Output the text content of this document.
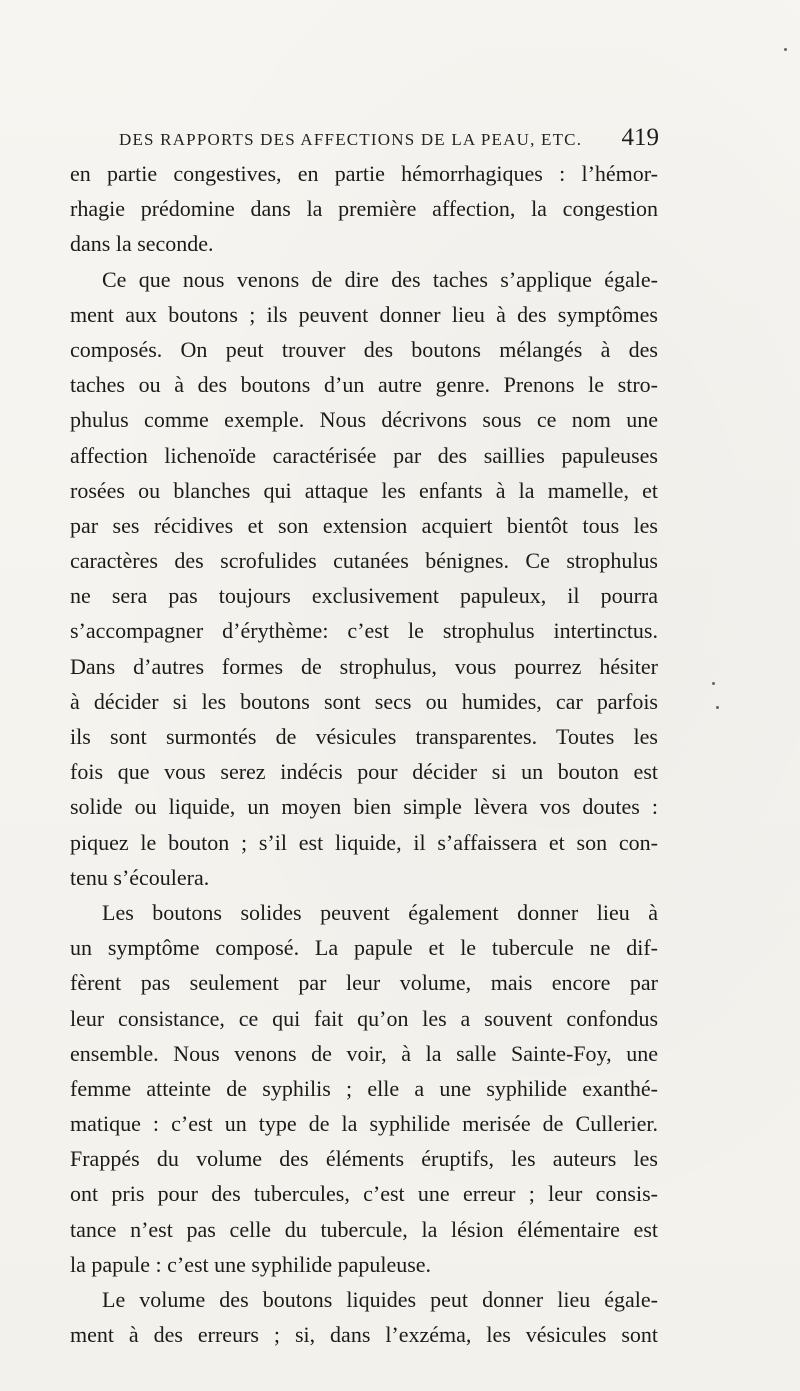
DES RAPPORTS DES AFFECTIONS DE LA PEAU, ETC. 419
en partie congestives, en partie hémorrhagiques : l’hémor-
rhagie prédomine dans la première affection, la congestion
dans la seconde.
Ce que nous venons de dire des taches s’applique égale-
ment aux boutons ; ils peuvent donner lieu à des symptômes
composés. On peut trouver des boutons mélangés à des
taches ou à des boutons d’un autre genre. Prenons le stro-
phulus comme exemple. Nous décrivons sous ce nom une
affection lichenoïde caractérisée par des saillies papuleuses
rosées ou blanches qui attaque les enfants à la mamelle, et
par ses récidives et son extension acquiert bientôt tous les
caractères des scrofulides cutanées bénignes. Ce strophulus
ne sera pas toujours exclusivement papuleux, il pourra
s’accompagner d’érythème: c’est le strophulus intertinctus.
Dans d’autres formes de strophulus, vous pourrez hésiter
à décider si les boutons sont secs ou humides, car parfois
ils sont surmontés de vésicules transparentes. Toutes les
fois que vous serez indécis pour décider si un bouton est
solide ou liquide, un moyen bien simple lèvera vos doutes :
piquez le bouton ; s’il est liquide, il s’affaissera et son con-
tenu s’écoulera.
Les boutons solides peuvent également donner lieu à
un symptôme composé. La papule et le tubercule ne dif-
fèrent pas seulement par leur volume, mais encore par
leur consistance, ce qui fait qu’on les a souvent confondus
ensemble. Nous venons de voir, à la salle Sainte-Foy, une
femme atteinte de syphilis ; elle a une syphilide exanthé-
matique : c’est un type de la syphilide merisée de Cullerier.
Frappés du volume des éléments éruptifs, les auteurs les
ont pris pour des tubercules, c’est une erreur ; leur consis-
tance n’est pas celle du tubercule, la lésion élémentaire est
la papule : c’est une syphilide papuleuse.
Le volume des boutons liquides peut donner lieu égale-
ment à des erreurs ; si, dans l’exzéma, les vésicules sont
